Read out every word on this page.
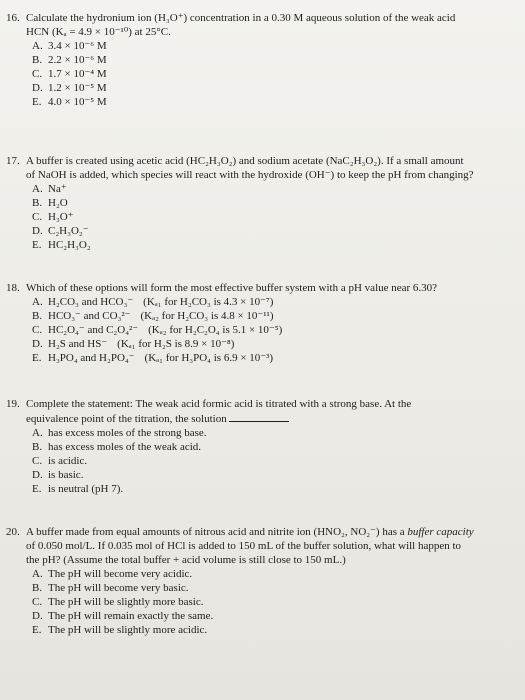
16. Calculate the hydronium ion (H₃O⁺) concentration in a 0.30 M aqueous solution of the weak acid
HCN (Kₐ = 4.9 × 10⁻¹⁰) at 25°C.
A. 3.4 × 10⁻⁶ M
B. 2.2 × 10⁻⁶ M
C. 1.7 × 10⁻⁴ M
D. 1.2 × 10⁻⁵ M
E. 4.0 × 10⁻⁵ M
17. A buffer is created using acetic acid (HC₂H₃O₂) and sodium acetate (NaC₂H₃O₂). If a small amount
of NaOH is added, which species will react with the hydroxide (OH⁻) to keep the pH from changing?
A. Na⁺
B. H₂O
C. H₃O⁺
D. C₂H₃O₂⁻
E. HC₂H₃O₂
18. Which of these options will form the most effective buffer system with a pH value near 6.30?
A. H₂CO₃ and HCO₃⁻ (Kₐ₁ for H₂CO₃ is 4.3 × 10⁻⁷)
B. HCO₃⁻ and CO₃²⁻ (Kₐ₂ for H₂CO₃ is 4.8 × 10⁻¹¹)
C. HC₂O₄⁻ and C₂O₄²⁻ (Kₐ₂ for H₂C₂O₄ is 5.1 × 10⁻⁵)
D. H₂S and HS⁻ (Kₐ₁ for H₂S is 8.9 × 10⁻⁸)
E. H₃PO₄ and H₂PO₄⁻ (Kₐ₁ for H₃PO₄ is 6.9 × 10⁻³)
19. Complete the statement: The weak acid formic acid is titrated with a strong base. At the
equivalence point of the titration, the solution
A. has excess moles of the strong base.
B. has excess moles of the weak acid.
C. is acidic.
D. is basic.
E. is neutral (pH 7).
20. A buffer made from equal amounts of nitrous acid and nitrite ion (HNO₂, NO₂⁻) has a buffer capacity
of 0.050 mol/L. If 0.035 mol of HCl is added to 150 mL of the buffer solution, what will happen to
the pH? (Assume the total buffer + acid volume is still close to 150 mL.)
A. The pH will become very acidic.
B. The pH will become very basic.
C. The pH will be slightly more basic.
D. The pH will remain exactly the same.
E. The pH will be slightly more acidic.
